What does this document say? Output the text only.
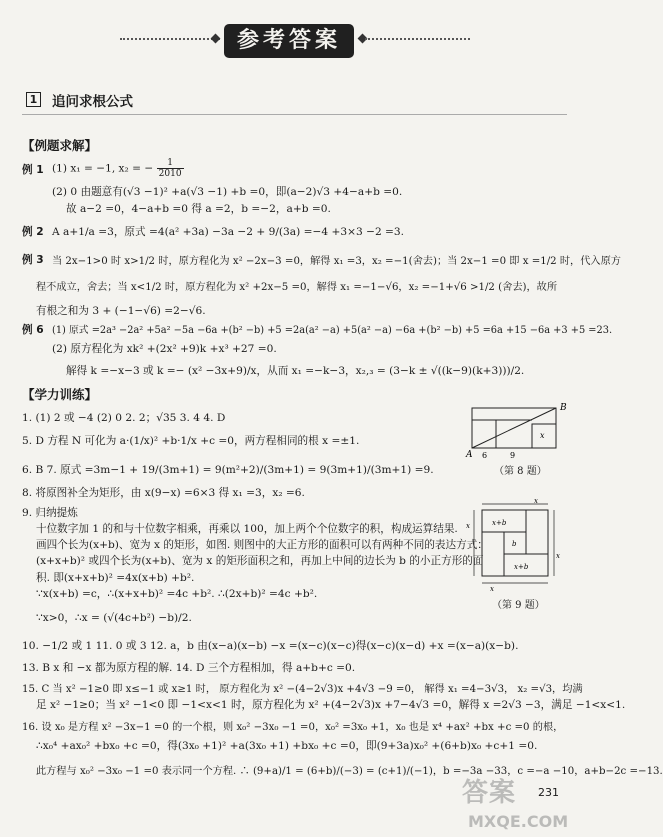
参考答案
1 追问求根公式
【例题求解】
例 1 (1) x₁ = −1, x₂ = − $\frac{1}{2010}$
(2) 0 由题意有(√3 −1)² +a(√3 −1) +b =0，即(a−2)√3 +4−a+b =0.
故 a−2 =0，4−a+b =0 得 a =2，b =−2，a+b =0.
例 2 A a+1/a =3，原式 =4(a² +3a) −3a −2 + 9/(3a) =−4 +3×3 −2 =3.
例 3 当 2x−1>0 时 x>1/2 时，原方程化为 x² −2x−3 =0，解得 x₁ =3，x₂ =−1(舍去)；当 2x−1 =0 即 x =1/2 时，代入原方
程不成立，舍去；当 x<1/2 时，原方程化为 x² +2x−5 =0，解得 x₁ =−1−√6，x₂ =−1+√6 >1/2 (舍去)，故所
有根之和为 3 + (−1−√6) =2−√6.
例 6 (1) 原式 =2a³ −2a² +5a² −5a −6a +(b² −b) +5 =2a(a² −a) +5(a² −a) −6a +(b² −b) +5 =6a +15 −6a +3 +5 =23.
(2) 原方程化为 xk² +(2x² +9)k +x³ +27 =0.
解得 k =−x−3 或 k =− (x² −3x+9)/x，从而 x₁ =−k−3，x₂,₃ = (3−k ± √((k−9)(k+3)))/2.
【学力训练】
1. (1) 2 或 −4 (2) 0 2. 2；√35 3. 4 4. D
5. D 方程 N 可化为 a·(1/x)² +b·1/x +c =0，两方程相同的根 x =±1.
6. B 7. 原式 =3m−1 + 19/(3m+1) = 9(m²+2)/(3m+1) = 9(3m+1)/(3m+1) =9.
8. 将原图补全为矩形，由 x(9−x) =6×3 得 x₁ =3，x₂ =6.
9. 归纳提炼
十位数字加 1 的和与十位数字相乘，再乘以 100，加上两个个位数字的积，构成运算结果.
画四个长为(x+b)、宽为 x 的矩形，如图. 则图中的大正方形的面积可以有两种不同的表达方式：
(x+x+b)² 或四个长为(x+b)、宽为 x 的矩形面积之和，再加上中间的边长为 b 的小正方形的面
积. 即(x+x+b)² =4x(x+b) +b².
∵x(x+b) =c，∴(x+x+b)² =4c +b². ∴(2x+b)² =4c +b².
∵x>0，∴x = (√(4c+b²) −b)/2.
10. −1/2 或 1 11. 0 或 3 12. a，b 由(x−a)(x−b) −x =(x−c)(x−c)得(x−c)(x−d) +x =(x−a)(x−b).
13. B x 和 −x 都为原方程的解. 14. D 三个方程相加，得 a+b+c =0.
15. C 当 x² −1≥0 即 x≤−1 或 x≥1 时， 原方程化为 x² −(4−2√3)x +4√3 −9 =0， 解得 x₁ =4−3√3， x₂ =√3，均满
足 x² −1≥0；当 x² −1<0 即 −1<x<1 时，原方程化为 x² +(4−2√3)x +7−4√3 =0，解得 x =2√3 −3，满足 −1<x<1.
16. 设 x₀ 是方程 x² −3x−1 =0 的一个根，则 x₀² −3x₀ −1 =0，x₀² =3x₀ +1，x₀ 也是 x⁴ +ax² +bx +c =0 的根，
∴x₀⁴ +ax₀² +bx₀ +c =0，得(3x₀ +1)² +a(3x₀ +1) +bx₀ +c =0，即(9+3a)x₀² +(6+b)x₀ +c+1 =0.
此方程与 x₀² −3x₀ −1 =0 表示同一个方程. ∴ (9+a)/1 = (6+b)/(−3) = (c+1)/(−1)，b =−3a −33，c =−a −10，a+b−2c =−13.
B
A
x
6	9
（第 8 题）
x+b
x
b
x+b
x
x
x
（第 9 题）
231
答案
MXQE.COM
